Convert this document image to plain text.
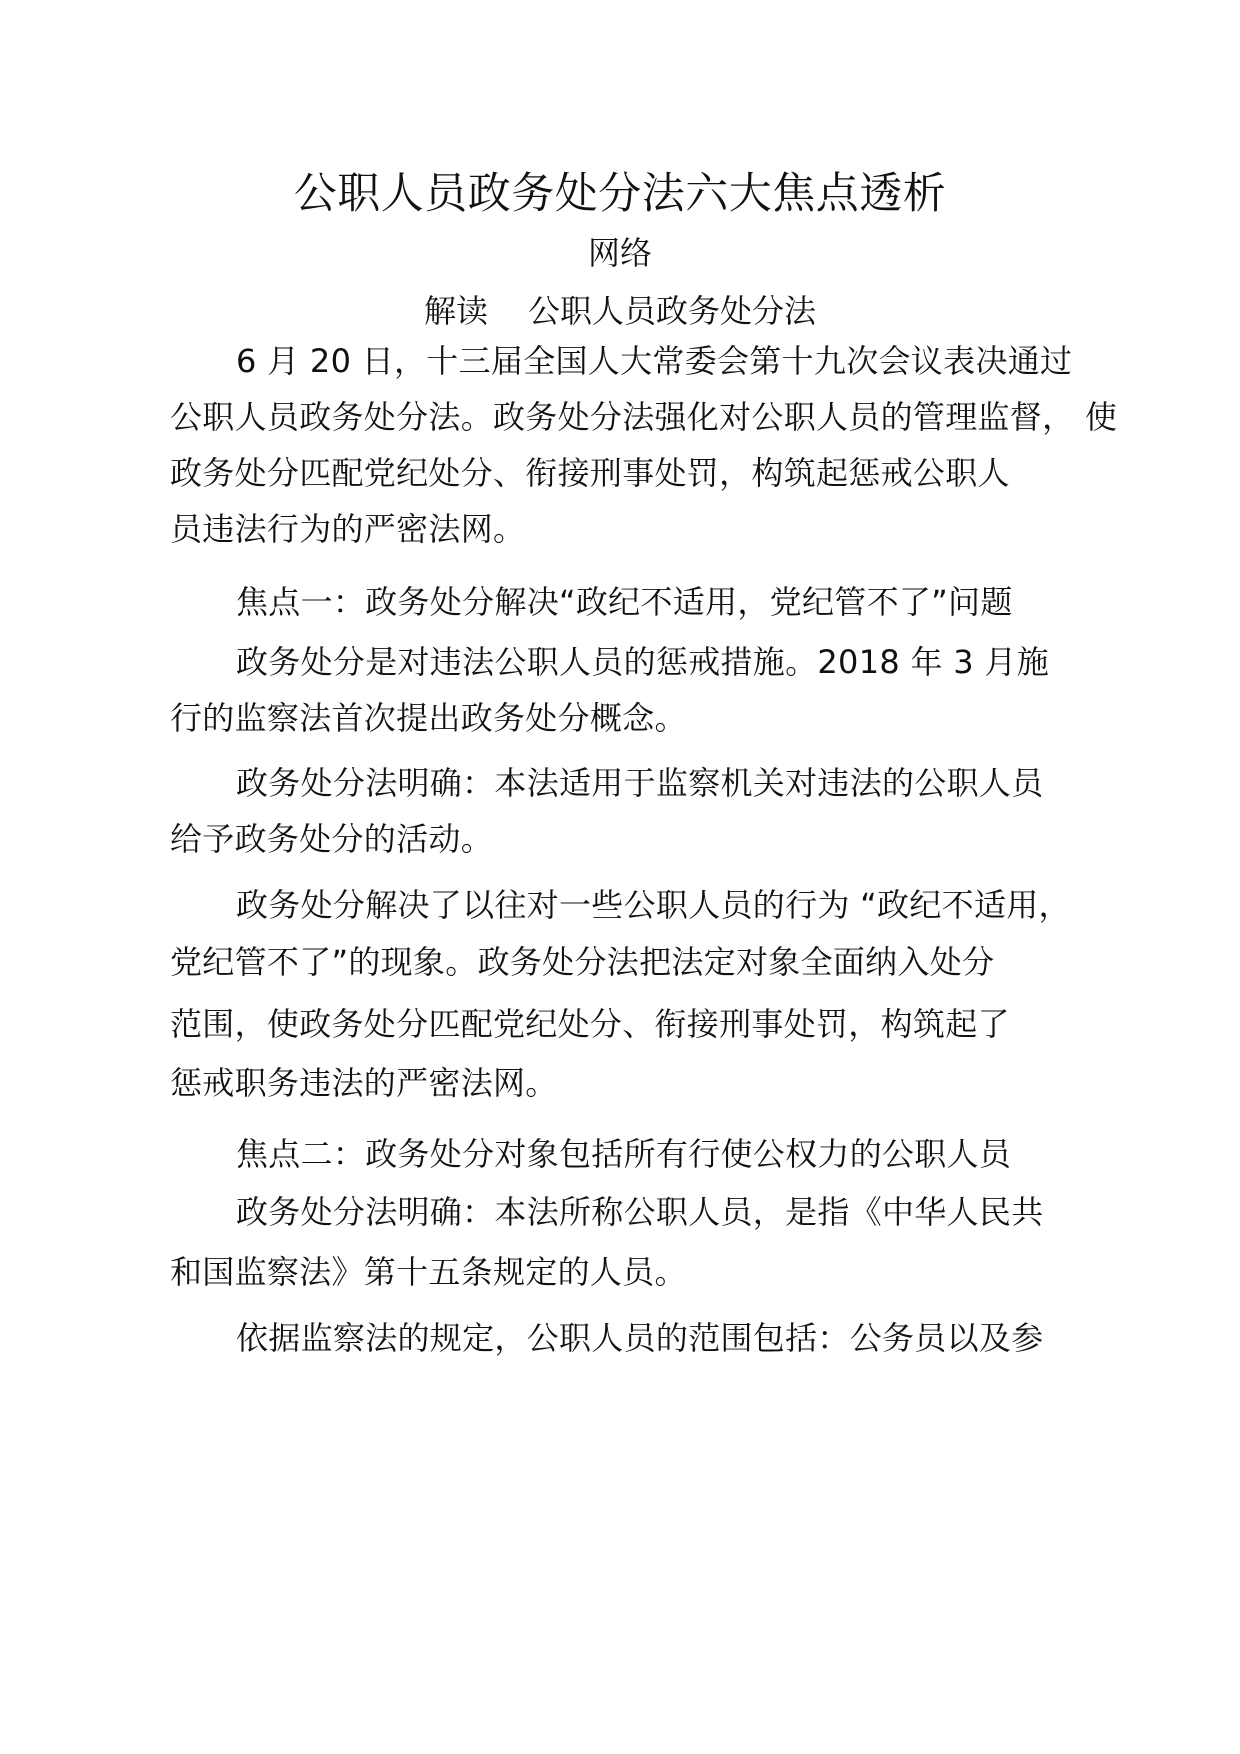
公职人员政务处分法六大焦点透析
网络
解读 公职人员政务处分法
6 月 20 日，十三届全国人大常委会第十九次会议表决通过
公职人员政务处分法。政务处分法强化对公职人员的管理监督， 使
政务处分匹配党纪处分、衔接刑事处罚，构筑起惩戒公职人
员违法行为的严密法网。
焦点一：政务处分解决“政纪不适用，党纪管不了”问题
政务处分是对违法公职人员的惩戒措施。2018 年 3 月施
行的监察法首次提出政务处分概念。
政务处分法明确：本法适用于监察机关对违法的公职人员
给予政务处分的活动。
政务处分解决了以往对一些公职人员的行为 “政纪不适用，
党纪管不了”的现象。政务处分法把法定对象全面纳入处分
范围，使政务处分匹配党纪处分、衔接刑事处罚，构筑起了
惩戒职务违法的严密法网。
焦点二：政务处分对象包括所有行使公权力的公职人员
政务处分法明确：本法所称公职人员，是指《中华人民共
和国监察法》第十五条规定的人员。
依据监察法的规定，公职人员的范围包括：公务员以及参
